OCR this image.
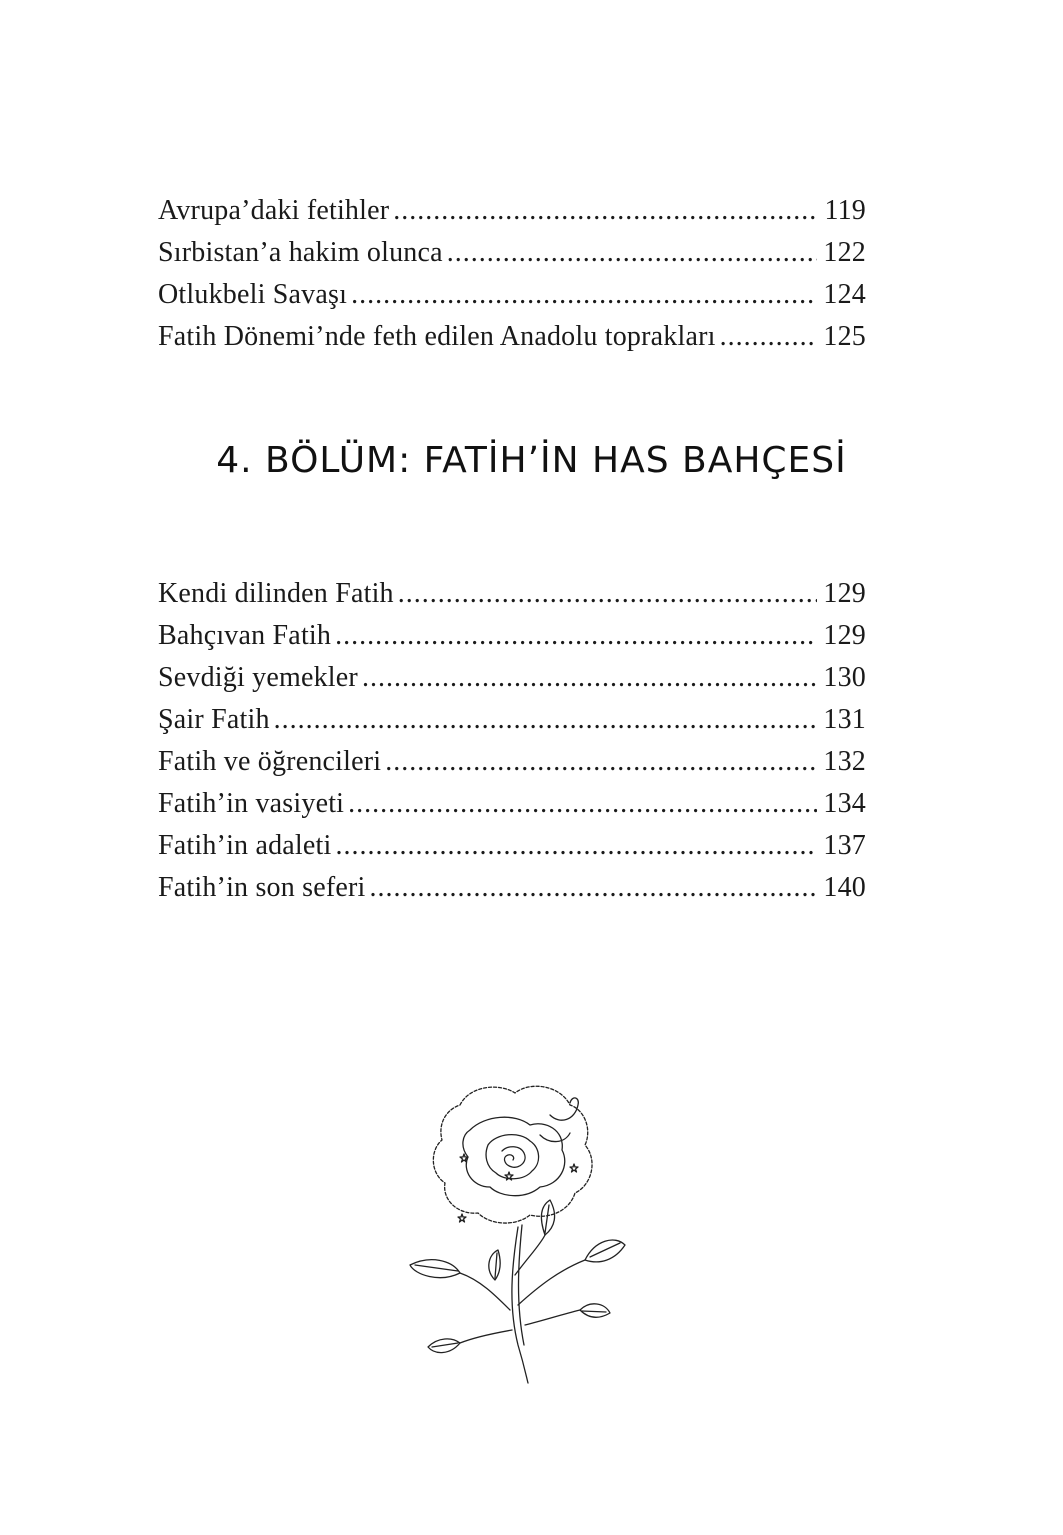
Avrupa’daki fetihler .....	119
Sırbistan’a hakim olunca .....	122
Otlukbeli Savaşı .....	124
Fatih Dönemi’nde feth edilen Anadolu toprakları .....	125
4. BÖLÜM: FATİH’İN HAS BAHÇESİ
Kendi dilinden Fatih .....	129
Bahçıvan Fatih .....	129
Sevdiği yemekler .....	130
Şair Fatih .....	131
Fatih ve öğrencileri .....	132
Fatih’in vasiyeti .....	134
Fatih’in adaleti .....	137
Fatih’in son seferi .....	140
